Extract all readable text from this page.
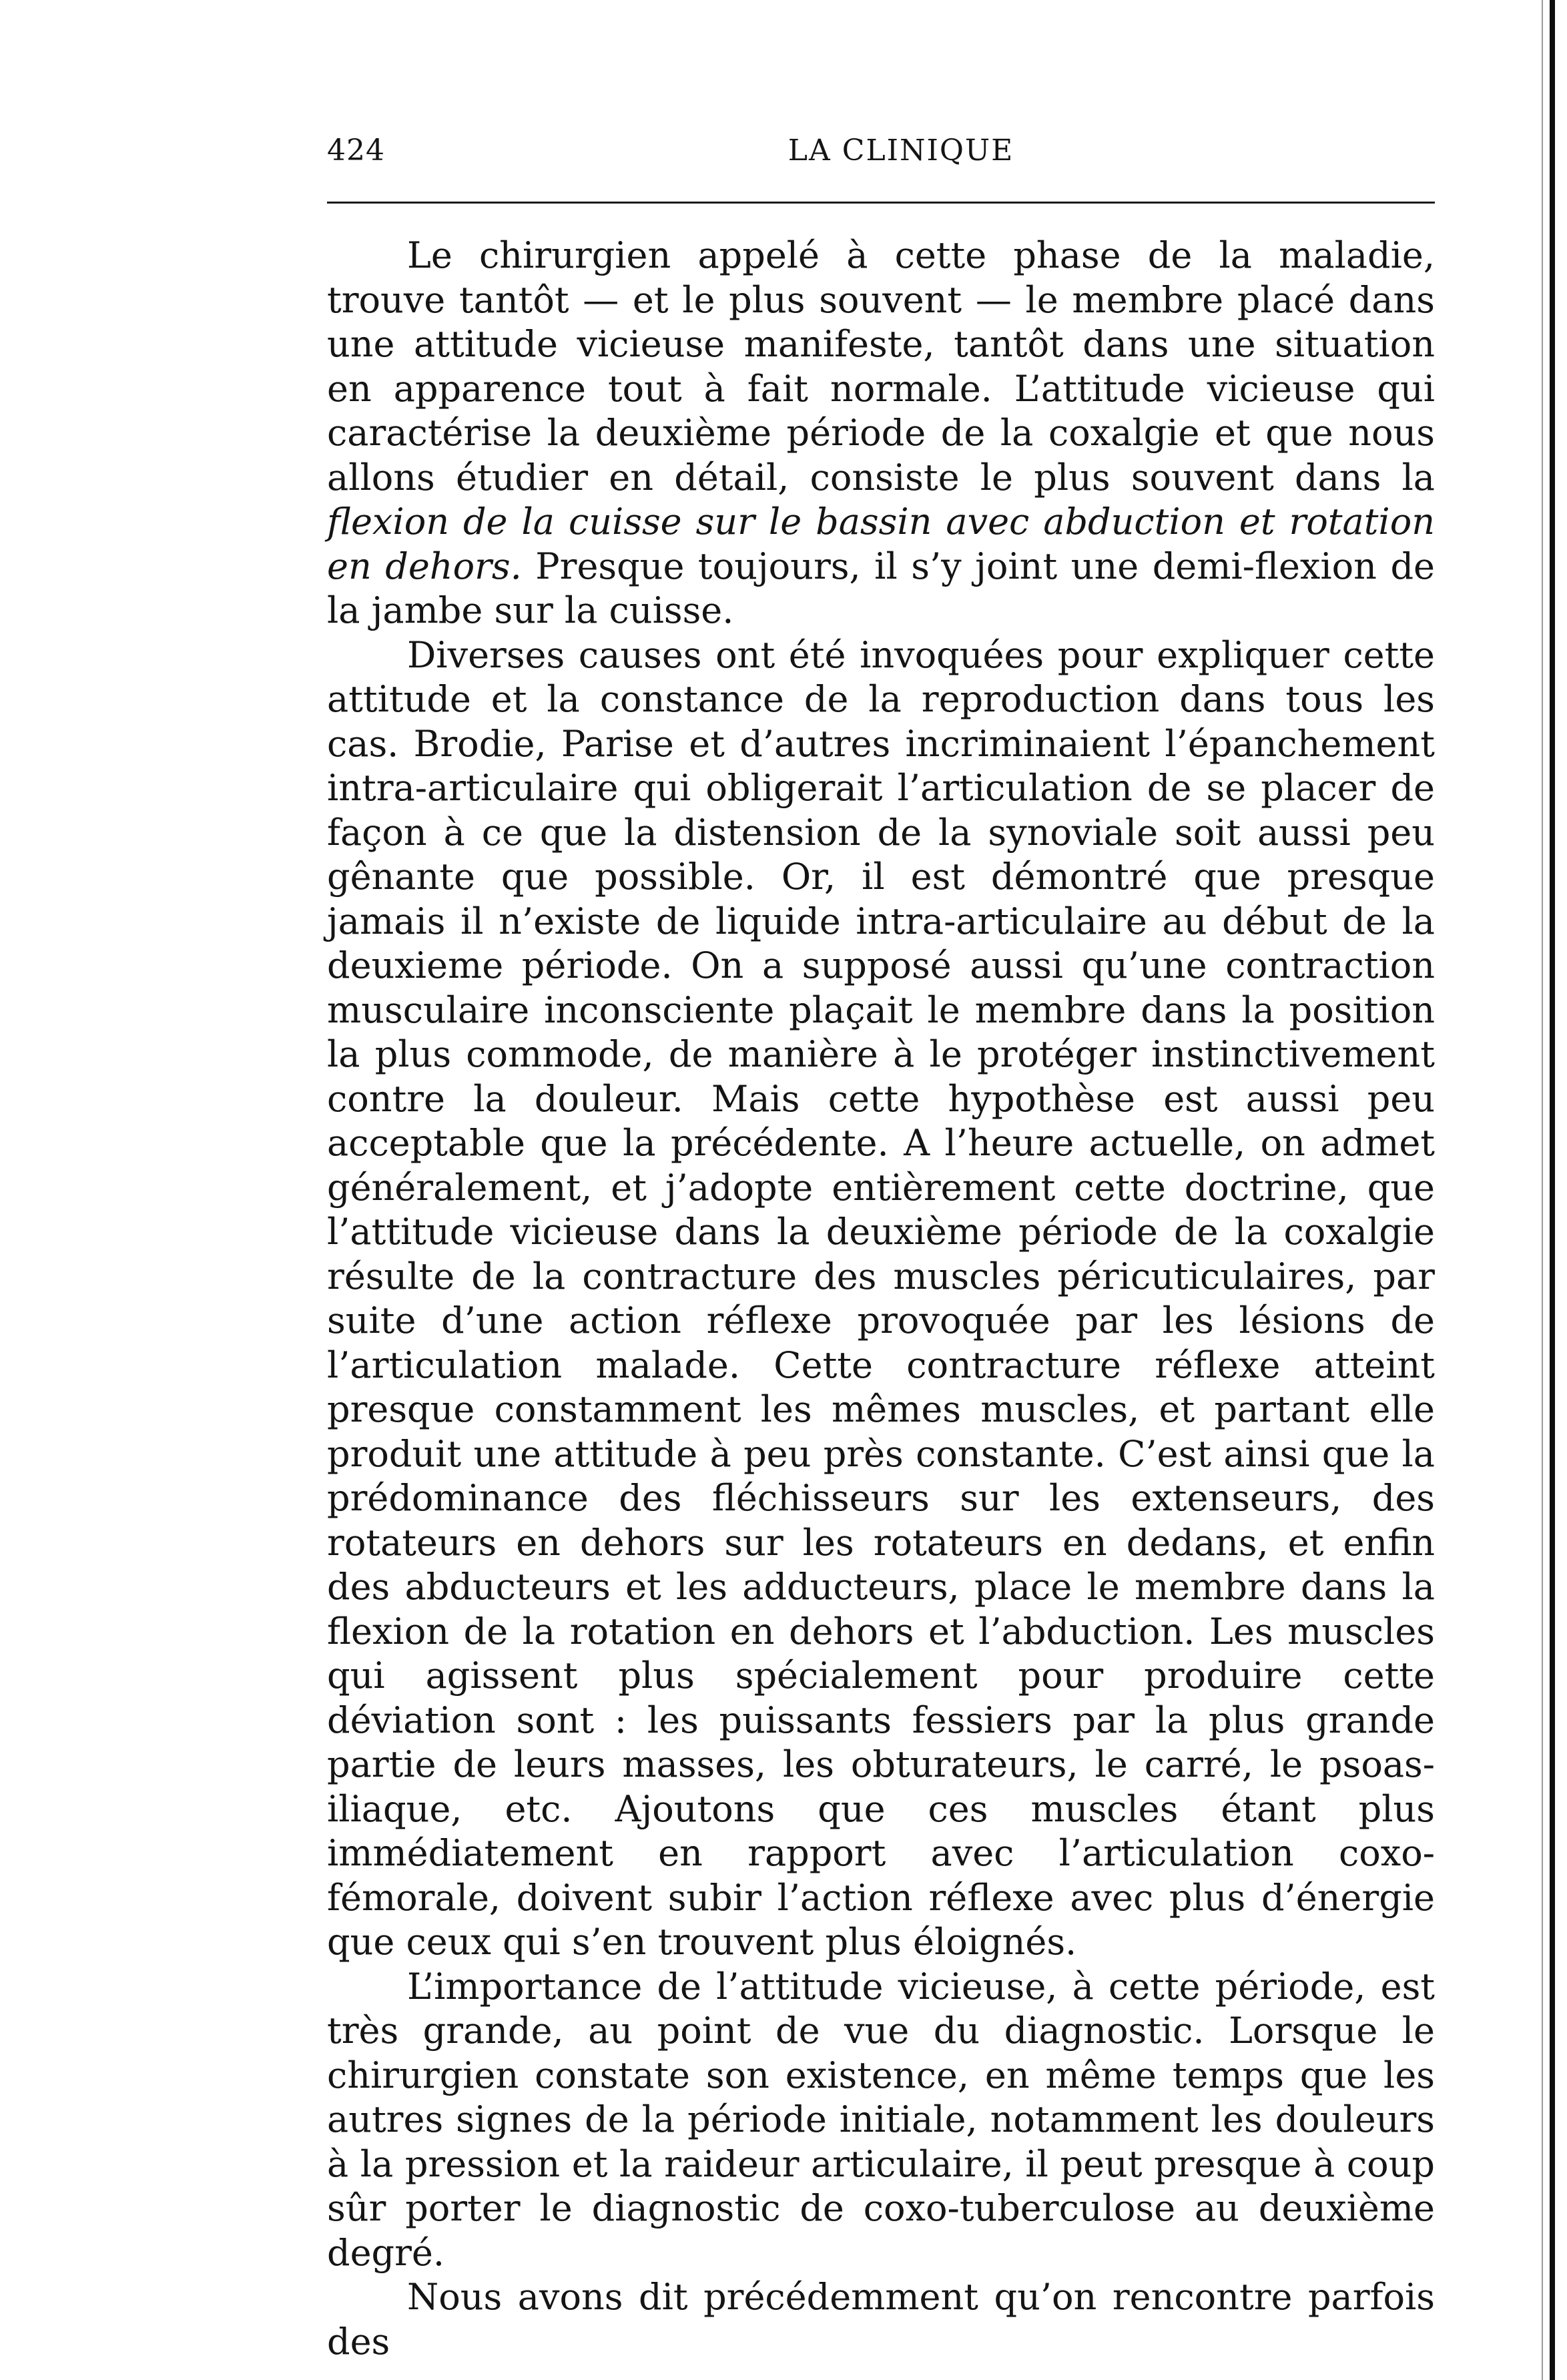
424	LA CLINIQUE

Le chirurgien appelé à cette phase de la maladie, trouve tantôt — et le plus souvent — le membre placé dans une attitude vicieuse manifeste, tantôt dans une situation en apparence tout à fait normale. L’attitude vicieuse qui caractérise la deuxième période de la coxalgie et que nous allons étudier en détail, consiste le plus souvent dans la flexion de la cuisse sur le bassin avec abduction et rotation en dehors. Presque toujours, il s’y joint une demi-flexion de la jambe sur la cuisse.

Diverses causes ont été invoquées pour expliquer cette attitude et la constance de la reproduction dans tous les cas. Brodie, Parise et d’autres incriminaient l’épanchement intra-articulaire qui obligerait l’articulation de se placer de façon à ce que la distension de la synoviale soit aussi peu gênante que possible. Or, il est démontré que presque jamais il n’existe de liquide intra-articulaire au début de la deuxieme période. On a supposé aussi qu’une contraction musculaire inconsciente plaçait le membre dans la position la plus commode, de manière à le protéger instinctivement contre la douleur. Mais cette hypothèse est aussi peu acceptable que la précédente. A l’heure actuelle, on admet généralement, et j’adopte entièrement cette doctrine, que l’attitude vicieuse dans la deuxième période de la coxalgie résulte de la contracture des muscles péricuticulaires, par suite d’une action réflexe provoquée par les lésions de l’articulation malade. Cette contracture réflexe atteint presque constamment les mêmes muscles, et partant elle produit une attitude à peu près constante. C’est ainsi que la prédominance des fléchisseurs sur les extenseurs, des rotateurs en dehors sur les rotateurs en dedans, et enfin des abducteurs et les adducteurs, place le membre dans la flexion de la rotation en dehors et l’abduction. Les muscles qui agissent plus spécialement pour produire cette déviation sont : les puissants fessiers par la plus grande partie de leurs masses, les obturateurs, le carré, le psoas-iliaque, etc. Ajoutons que ces muscles étant plus immédiatement en rapport avec l’articulation coxo-fémorale, doivent subir l’action réflexe avec plus d’énergie que ceux qui s’en trouvent plus éloignés.

L’importance de l’attitude vicieuse, à cette période, est très grande, au point de vue du diagnostic. Lorsque le chirurgien constate son existence, en même temps que les autres signes de la période initiale, notamment les douleurs à la pression et la raideur articulaire, il peut presque à coup sûr porter le diagnostic de coxo-tuberculose au deuxième degré.

Nous avons dit précédemment qu’on rencontre parfois des
